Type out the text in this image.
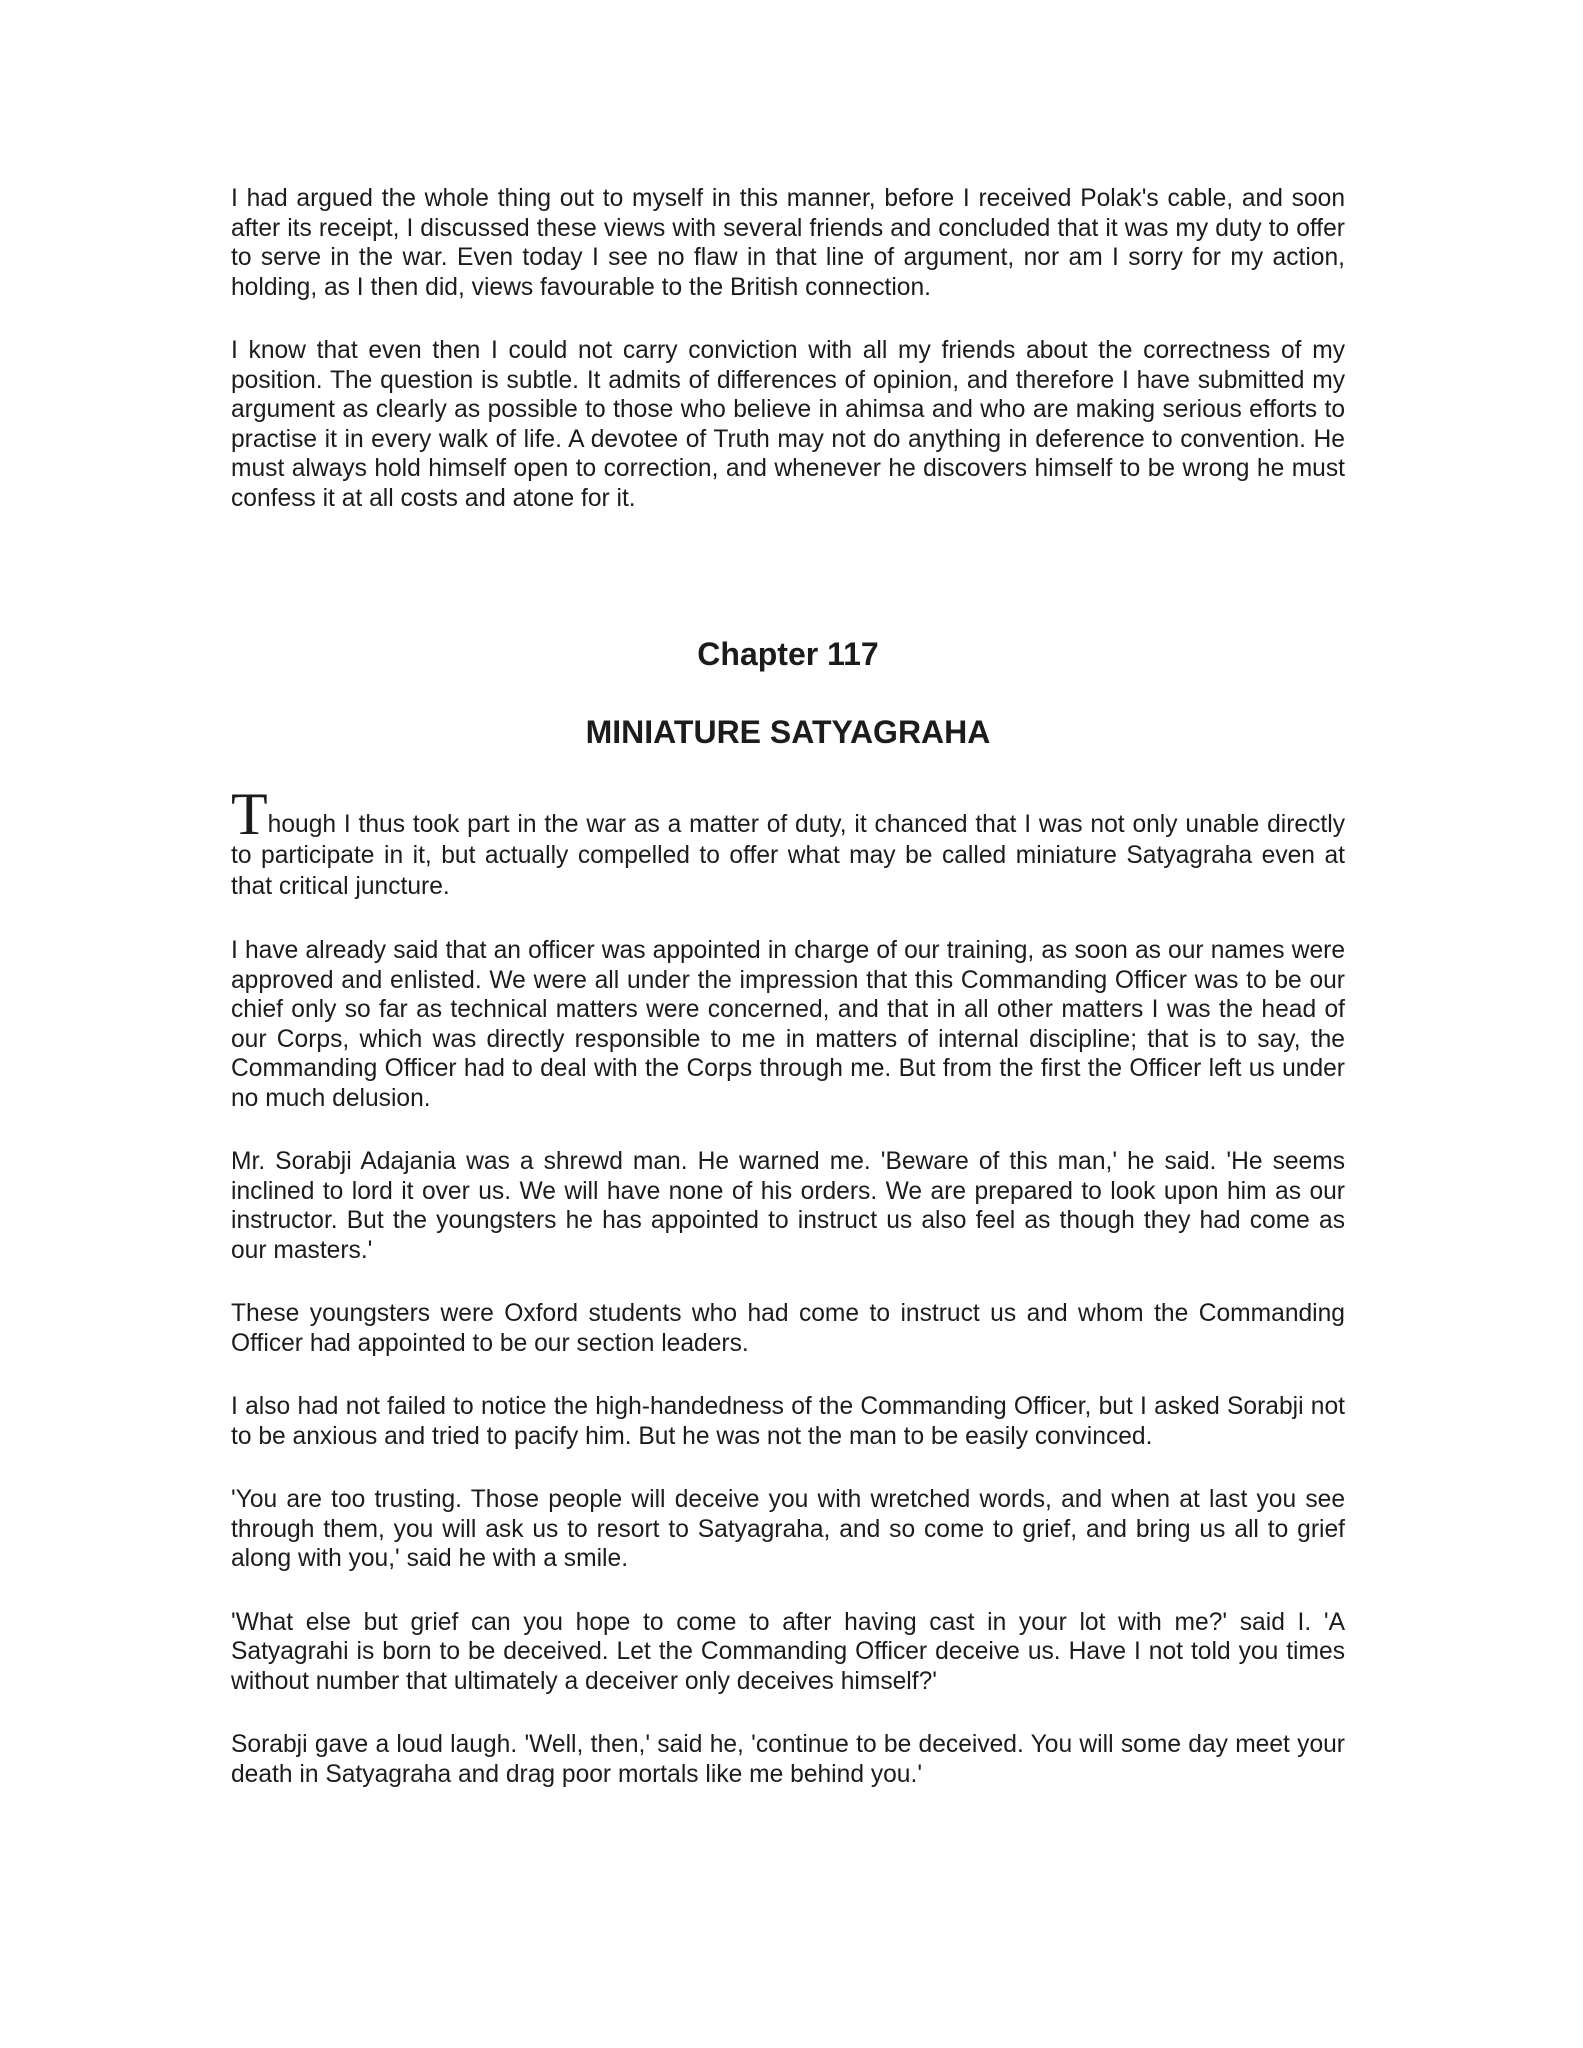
I had argued the whole thing out to myself in this manner, before I received Polak's cable, and soon after its receipt, I discussed these views with several friends and concluded that it was my duty to offer to serve in the war. Even today I see no flaw in that line of argument, nor am I sorry for my action, holding, as I then did, views favourable to the British connection.

I know that even then I could not carry conviction with all my friends about the correctness of my position. The question is subtle. It admits of differences of opinion, and therefore I have submitted my argument as clearly as possible to those who believe in ahimsa and who are making serious efforts to practise it in every walk of life. A devotee of Truth may not do anything in deference to convention. He must always hold himself open to correction, and whenever he discovers himself to be wrong he must confess it at all costs and atone for it.

Chapter 117
MINIATURE SATYAGRAHA

Though I thus took part in the war as a matter of duty, it chanced that I was not only unable directly to participate in it, but actually compelled to offer what may be called miniature Satyagraha even at that critical juncture.

I have already said that an officer was appointed in charge of our training, as soon as our names were approved and enlisted. We were all under the impression that this Commanding Officer was to be our chief only so far as technical matters were concerned, and that in all other matters I was the head of our Corps, which was directly responsible to me in matters of internal discipline; that is to say, the Commanding Officer had to deal with the Corps through me. But from the first the Officer left us under no much delusion.

Mr. Sorabji Adajania was a shrewd man. He warned me. 'Beware of this man,' he said. 'He seems inclined to lord it over us. We will have none of his orders. We are prepared to look upon him as our instructor. But the youngsters he has appointed to instruct us also feel as though they had come as our masters.'

These youngsters were Oxford students who had come to instruct us and whom the Commanding Officer had appointed to be our section leaders.

I also had not failed to notice the high-handedness of the Commanding Officer, but I asked Sorabji not to be anxious and tried to pacify him. But he was not the man to be easily convinced.

'You are too trusting. Those people will deceive you with wretched words, and when at last you see through them, you will ask us to resort to Satyagraha, and so come to grief, and bring us all to grief along with you,' said he with a smile.

'What else but grief can you hope to come to after having cast in your lot with me?' said I. 'A Satyagrahi is born to be deceived. Let the Commanding Officer deceive us. Have I not told you times without number that ultimately a deceiver only deceives himself?'

Sorabji gave a loud laugh. 'Well, then,' said he, 'continue to be deceived. You will some day meet your death in Satyagraha and drag poor mortals like me behind you.'
